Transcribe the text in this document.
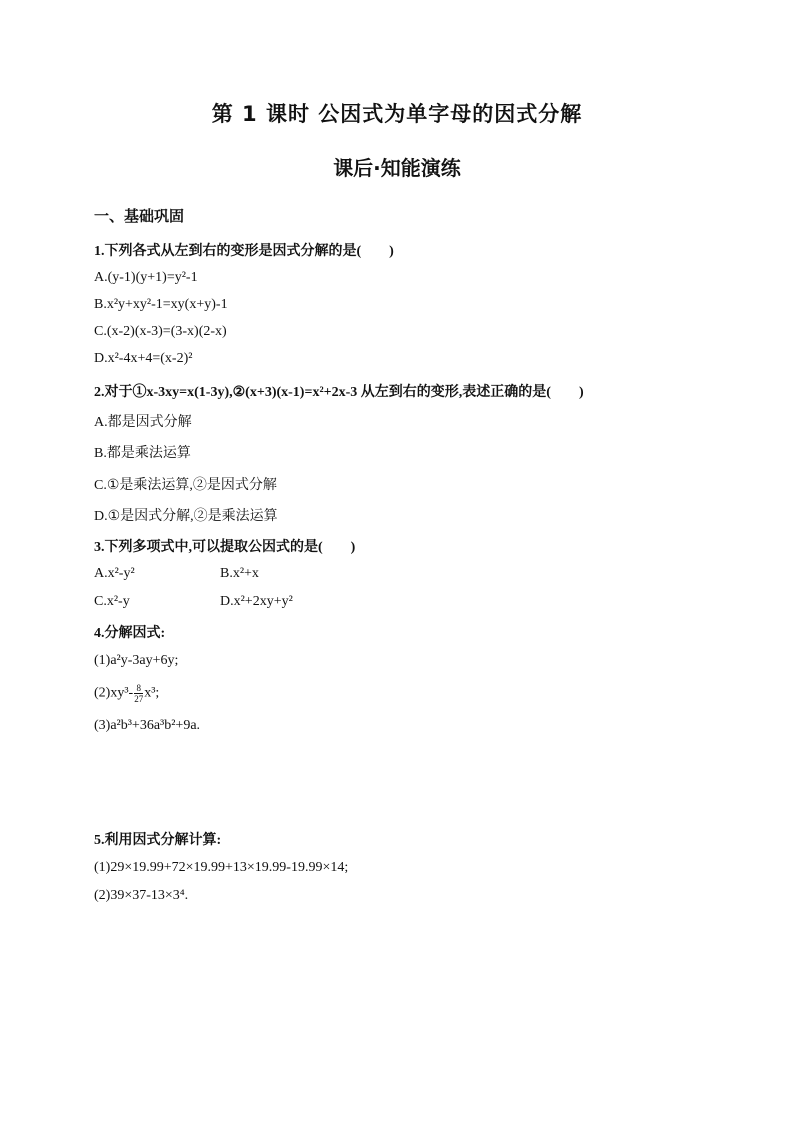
第 1 课时 公因式为单字母的因式分解
课后·知能演练
一、基础巩固
1.下列各式从左到右的变形是因式分解的是(　　)
A.(y-1)(y+1)=y²-1
B.x²y+xy²-1=xy(x+y)-1
C.(x-2)(x-3)=(3-x)(2-x)
D.x²-4x+4=(x-2)²
2.对于①x-3xy=x(1-3y),②(x+3)(x-1)=x²+2x-3 从左到右的变形,表述正确的是(　　)
A.都是因式分解
B.都是乘法运算
C.①是乘法运算,②是因式分解
D.①是因式分解,②是乘法运算
3.下列多项式中,可以提取公因式的是(　　)
A.x²-y²	B.x²+x
C.x²-y	D.x²+2xy+y²
4.分解因式:
(1)a²y-3ay+6y;
$(2)xy^3- \frac{8}{27} x^3$;
(3)a²b³+36a³b²+9a.
5.利用因式分解计算:
(1)29×19.99+72×19.99+13×19.99-19.99×14;
(2)39×37-13×3⁴.
